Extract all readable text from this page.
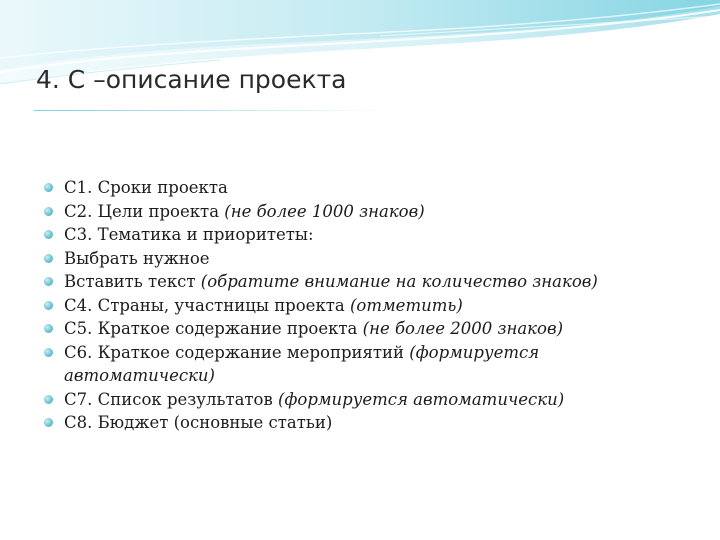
4. C –описание проекта
C1. Сроки проекта
C2. Цели проекта (не более 1000 знаков)
C3. Тематика и приоритеты:
Выбрать нужное
Вставить текст (обратите внимание на количество знаков)
C4. Страны, участницы проекта (отметить)
C5. Краткое содержание проекта (не более 2000 знаков)
C6. Краткое содержание мероприятий (формируется автоматически)
C7. Список результатов (формируется автоматически)
C8. Бюджет (основные статьи)
